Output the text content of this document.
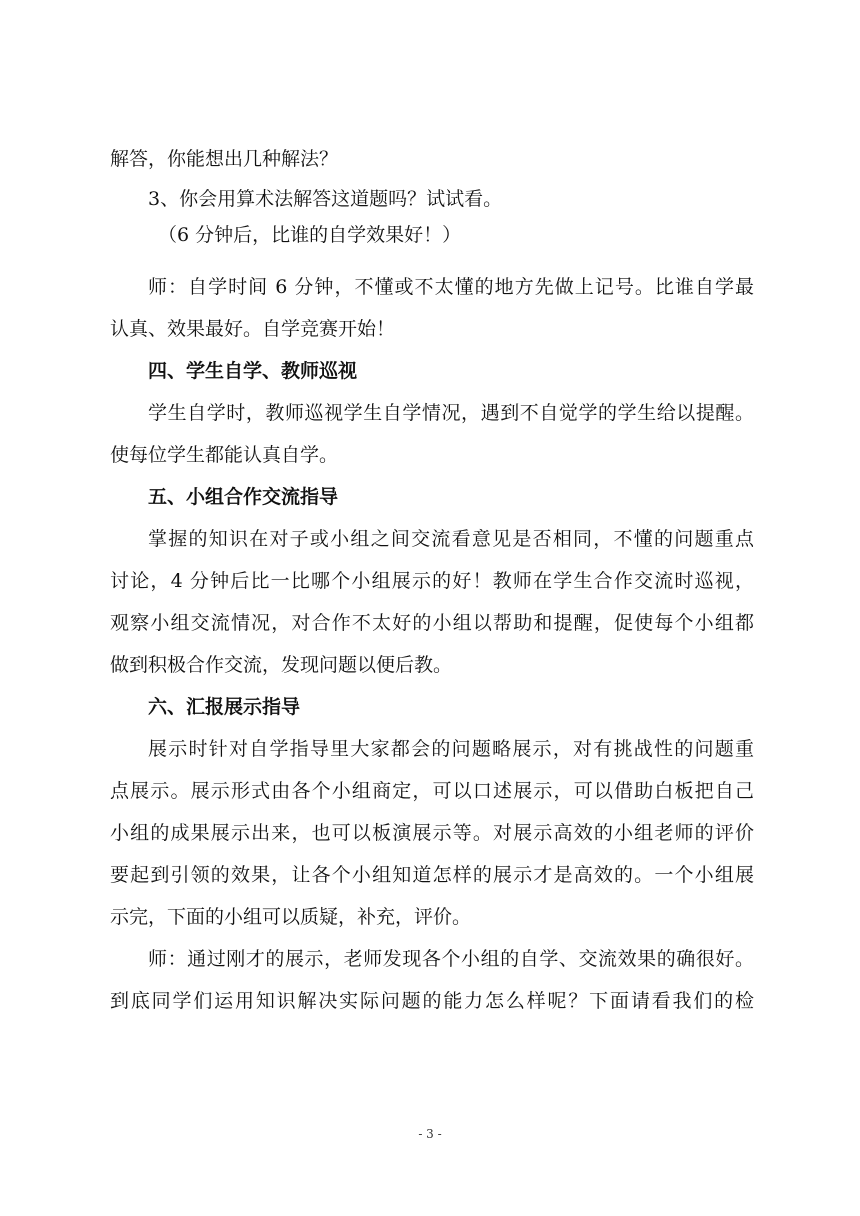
解答，你能想出几种解法？
3、你会用算术法解答这道题吗？试试看。
（6 分钟后，比谁的自学效果好！）
师：自学时间 6 分钟，不懂或不太懂的地方先做上记号。比谁自学最
认真、效果最好。自学竞赛开始！
四、学生自学、教师巡视
学生自学时，教师巡视学生自学情况，遇到不自觉学的学生给以提醒。
使每位学生都能认真自学。
五、小组合作交流指导
掌握的知识在对子或小组之间交流看意见是否相同，不懂的问题重点
讨论，4 分钟后比一比哪个小组展示的好！教师在学生合作交流时巡视，
观察小组交流情况，对合作不太好的小组以帮助和提醒，促使每个小组都
做到积极合作交流，发现问题以便后教。
六、汇报展示指导
展示时针对自学指导里大家都会的问题略展示，对有挑战性的问题重
点展示。展示形式由各个小组商定，可以口述展示，可以借助白板把自己
小组的成果展示出来，也可以板演展示等。对展示高效的小组老师的评价
要起到引领的效果，让各个小组知道怎样的展示才是高效的。一个小组展
示完，下面的小组可以质疑，补充，评价。
师：通过刚才的展示，老师发现各个小组的自学、交流效果的确很好。
到底同学们运用知识解决实际问题的能力怎么样呢？下面请看我们的检
- 3 -
